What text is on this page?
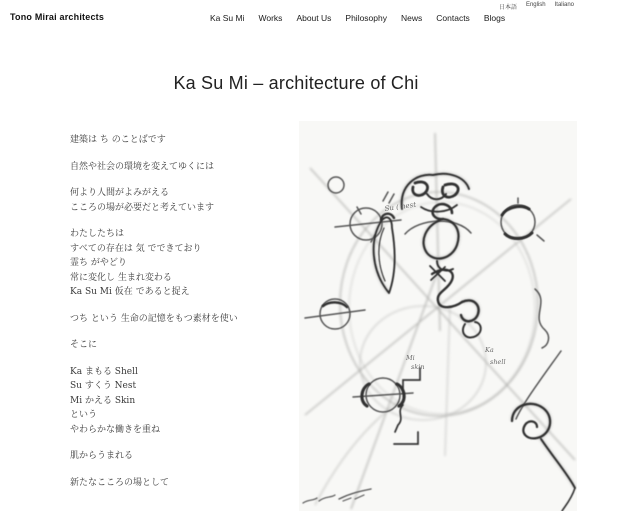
Tono Mirai architects	Ka Su Mi Works About Us Philosophy News Contacts Blogs
日本語 English Italiano
Ka Su Mi – architecture of Chi

建築は ち のことばです

自然や社会の環境を変えてゆくには

何より人間がよみがえる
こころの場が必要だと考えています

わたしたちは
すべての存在は 気 でできており
霊ち がやどり
常に変化し 生まれ変わる
Ka Su Mi 仮在 であると捉え

つち という 生命の記憶をもつ素材を使い

そこに

Ka まもる Shell
Su すくう Nest
Mi かえる Skin
という
やわらかな働きを重ね

肌からうまれる

新たなこころの場として

Su ( nest
Mi
skin
Ka
shell
